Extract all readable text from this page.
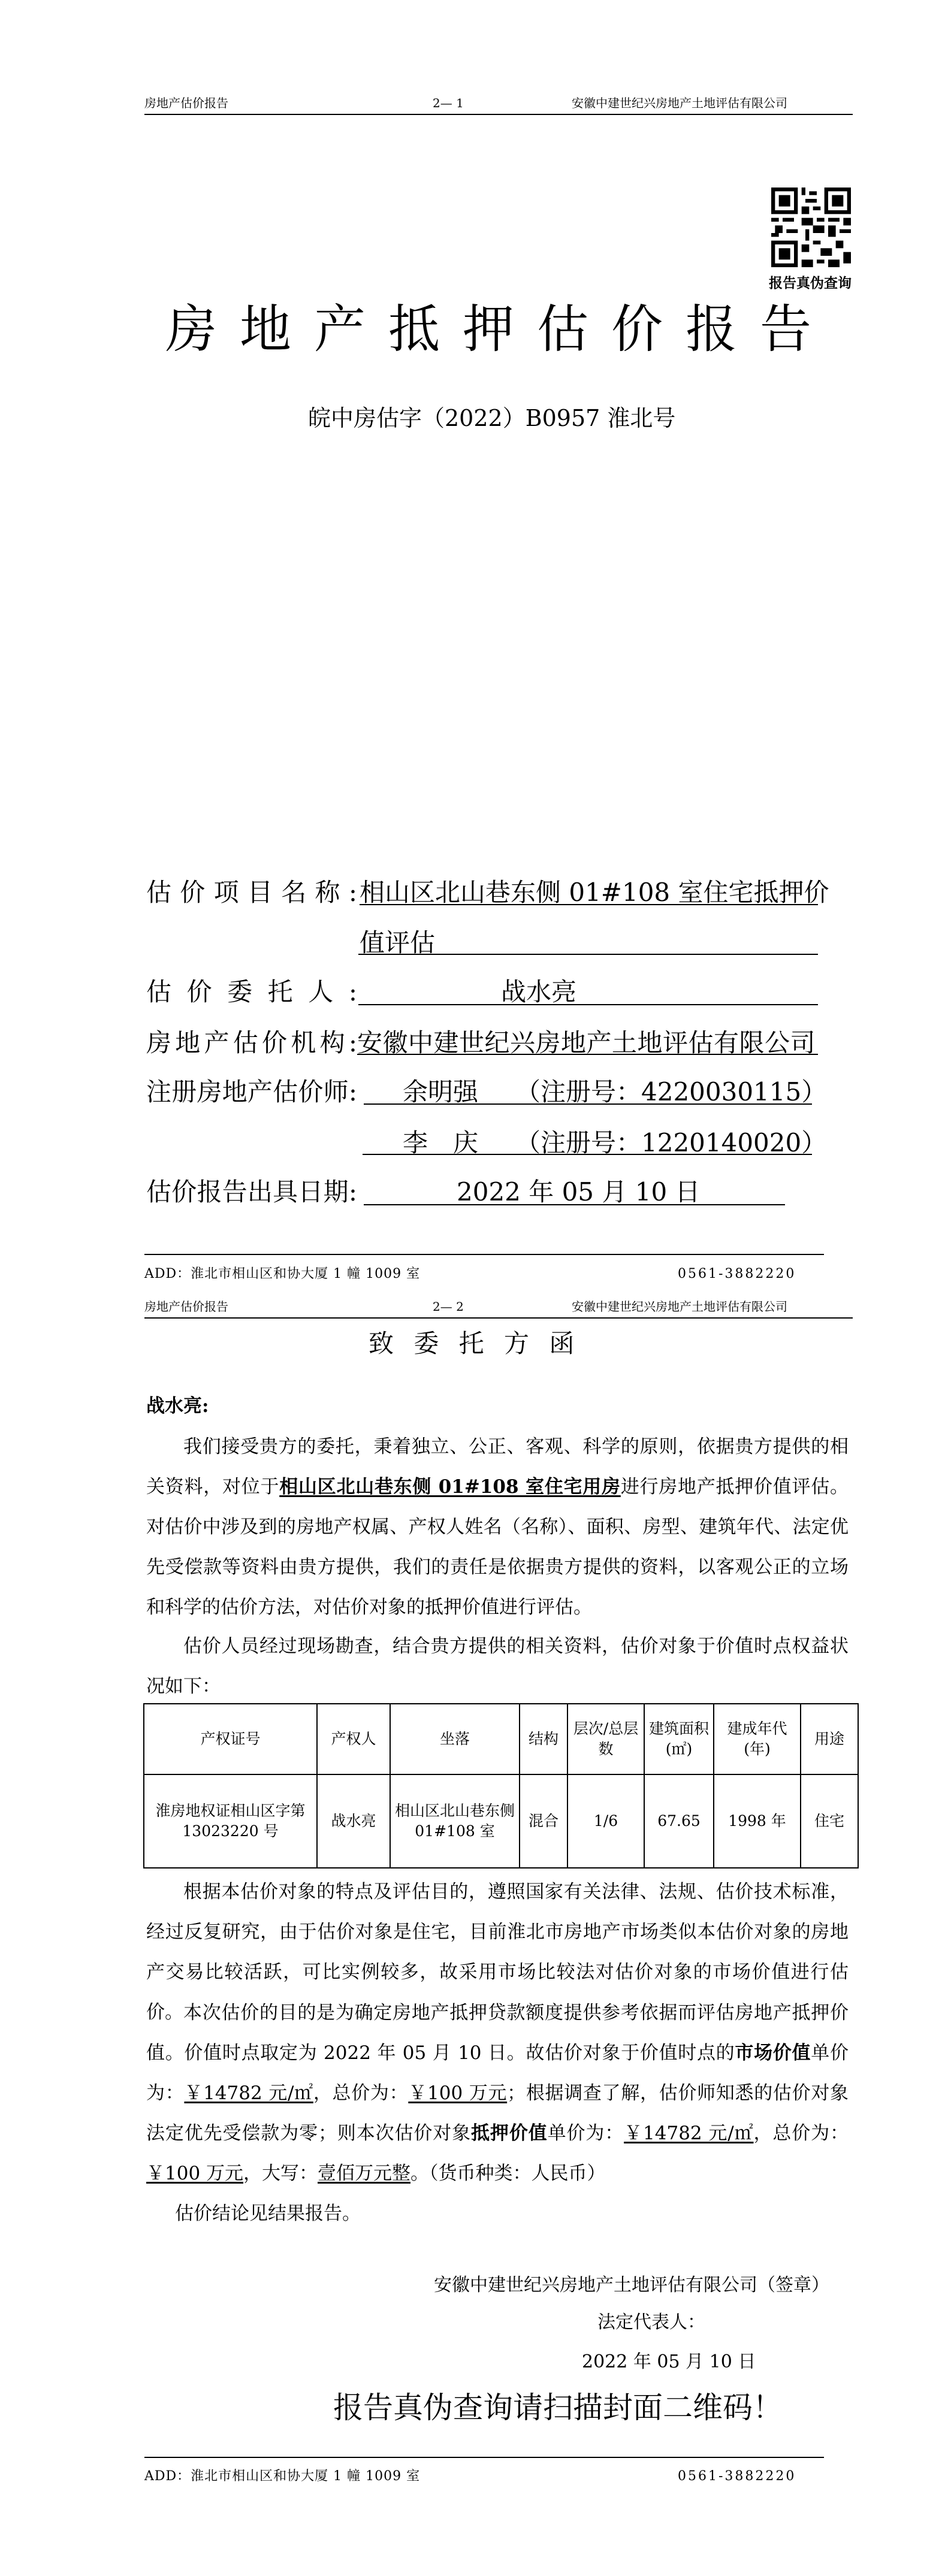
房地产估价报告	2— 1	安徽中建世纪兴房地产土地评估有限公司
报告真伪查询
房地产抵押估价报告
皖中房估字（2022）B0957 淮北号
估价项目名称: 相山区北山巷东侧 01#108 室住宅抵押价
值评估
估价委托人:	战水亮
房地产估价机构: 安徽中建世纪兴房地产土地评估有限公司
注册房地产估价师: 余明强 （注册号：4220030115）
李　庆 （注册号：1220140020）
估价报告出具日期:	2022 年 05 月 10 日
ADD：淮北市相山区和协大厦 1 幢 1009 室	0561-3882220
房地产估价报告	2— 2	安徽中建世纪兴房地产土地评估有限公司
致 委 托 方 函
战水亮:
我们接受贵方的委托，秉着独立、公正、客观、科学的原则，依据贵方提供的相关资料，对位于相山区北山巷东侧 01#108 室住宅用房进行房地产抵押价值评估。对估价中涉及到的房地产权属、产权人姓名（名称）、面积、房型、建筑年代、法定优先受偿款等资料由贵方提供，我们的责任是依据贵方提供的资料，以客观公正的立场和科学的估价方法，对估价对象的抵押价值进行评估。
估价人员经过现场勘查，结合贵方提供的相关资料，估价对象于价值时点权益状况如下：
产权证号	产权人	坐落	结构	层次/总层数	建筑面积(㎡)	建成年代(年)	用途
淮房地权证相山区字第 13023220 号	战水亮	相山区北山巷东侧 01#108 室	混合	1/6	67.65	1998 年	住宅
根据本估价对象的特点及评估目的，遵照国家有关法律、法规、估价技术标准，经过反复研究，由于估价对象是住宅，目前淮北市房地产市场类似本估价对象的房地产交易比较活跃，可比实例较多，故采用市场比较法对估价对象的市场价值进行估价。 本次估价的目的是为确定房地产抵押贷款额度提供参考依据而评估房地产抵押价值。价值时点取定为 2022 年 05 月 10 日。故估价对象于价值时点的市场价值单价为：￥14782 元/㎡，总价为：￥100 万元；根据调查了解，估价师知悉的估价对象法定优先受偿款为零；则本次估价对象抵押价值单价为：￥14782 元/㎡，总价为：￥100 万元，大写：壹佰万元整。（货币种类：人民币）
估价结论见结果报告。
安徽中建世纪兴房地产土地评估有限公司（签章）
法定代表人：
2022 年 05 月 10 日
报告真伪查询请扫描封面二维码！
ADD：淮北市相山区和协大厦 1 幢 1009 室	0561-3882220
